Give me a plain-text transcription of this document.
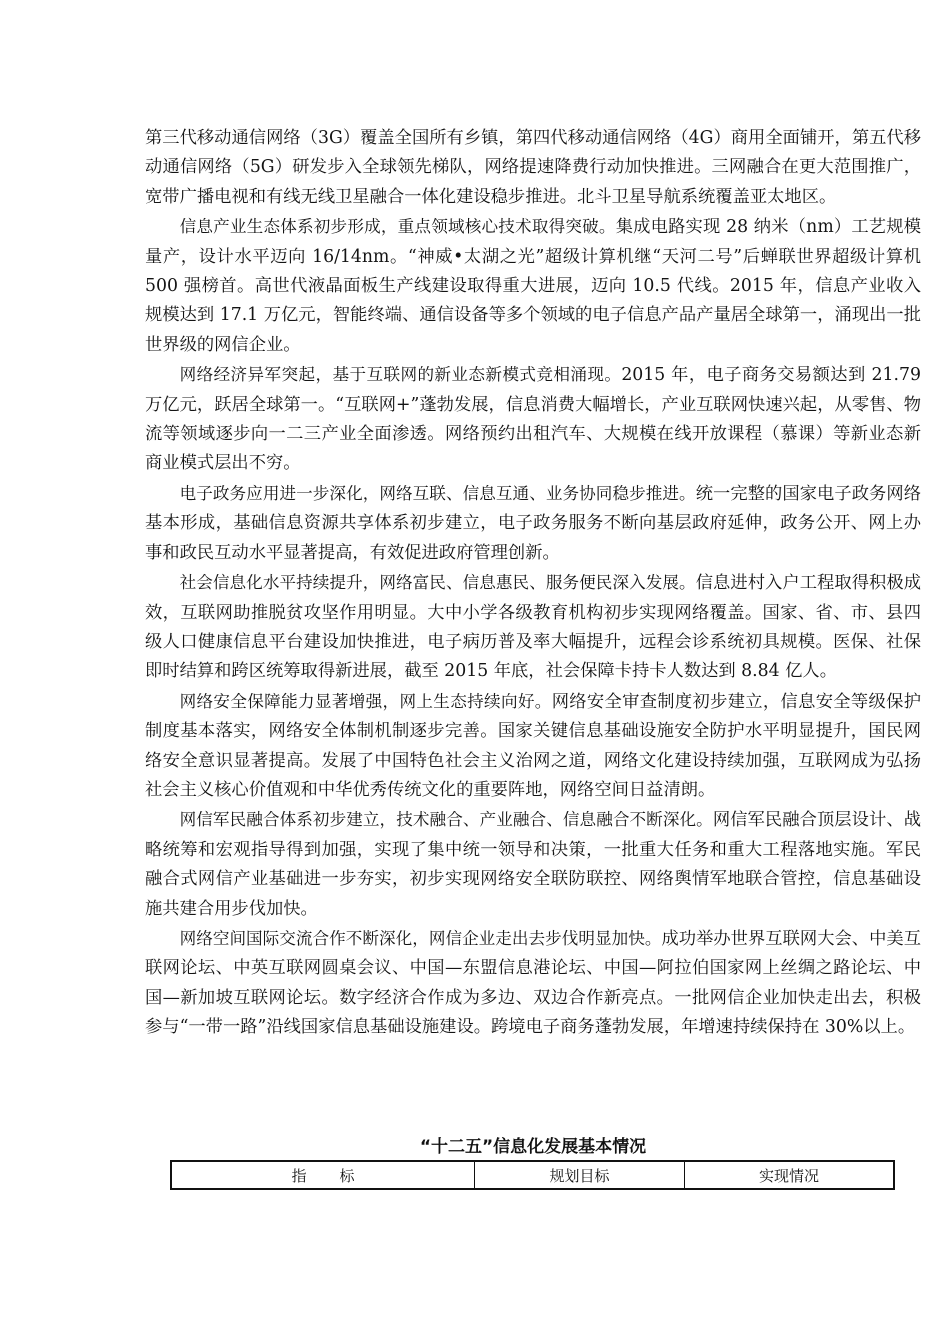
第三代移动通信网络（3G）覆盖全国所有乡镇，第四代移动通信网络（4G）商用全面铺开，第五代移动通信网络（5G）研发步入全球领先梯队，网络提速降费行动加快推进。三网融合在更大范围推广，宽带广播电视和有线无线卫星融合一体化建设稳步推进。北斗卫星导航系统覆盖亚太地区。

信息产业生态体系初步形成，重点领域核心技术取得突破。集成电路实现 28 纳米（nm）工艺规模量产，设计水平迈向 16/14nm。“神威•太湖之光”超级计算机继“天河二号”后蝉联世界超级计算机 500 强榜首。高世代液晶面板生产线建设取得重大进展，迈向 10.5 代线。2015 年，信息产业收入规模达到 17.1 万亿元，智能终端、通信设备等多个领域的电子信息产品产量居全球第一，涌现出一批世界级的网信企业。

网络经济异军突起，基于互联网的新业态新模式竞相涌现。2015 年，电子商务交易额达到 21.79 万亿元，跃居全球第一。“互联网+”蓬勃发展，信息消费大幅增长，产业互联网快速兴起，从零售、物流等领域逐步向一二三产业全面渗透。网络预约出租汽车、大规模在线开放课程（慕课）等新业态新商业模式层出不穷。

电子政务应用进一步深化，网络互联、信息互通、业务协同稳步推进。统一完整的国家电子政务网络基本形成，基础信息资源共享体系初步建立，电子政务服务不断向基层政府延伸，政务公开、网上办事和政民互动水平显著提高，有效促进政府管理创新。

社会信息化水平持续提升，网络富民、信息惠民、服务便民深入发展。信息进村入户工程取得积极成效，互联网助推脱贫攻坚作用明显。大中小学各级教育机构初步实现网络覆盖。国家、省、市、县四级人口健康信息平台建设加快推进，电子病历普及率大幅提升，远程会诊系统初具规模。医保、社保即时结算和跨区统筹取得新进展，截至 2015 年底，社会保障卡持卡人数达到 8.84 亿人。

网络安全保障能力显著增强，网上生态持续向好。网络安全审查制度初步建立，信息安全等级保护制度基本落实，网络安全体制机制逐步完善。国家关键信息基础设施安全防护水平明显提升，国民网络安全意识显著提高。发展了中国特色社会主义治网之道，网络文化建设持续加强，互联网成为弘扬社会主义核心价值观和中华优秀传统文化的重要阵地，网络空间日益清朗。

网信军民融合体系初步建立，技术融合、产业融合、信息融合不断深化。网信军民融合顶层设计、战略统筹和宏观指导得到加强，实现了集中统一领导和决策，一批重大任务和重大工程落地实施。军民融合式网信产业基础进一步夯实，初步实现网络安全联防联控、网络舆情军地联合管控，信息基础设施共建合用步伐加快。

网络空间国际交流合作不断深化，网信企业走出去步伐明显加快。成功举办世界互联网大会、中美互联网论坛、中英互联网圆桌会议、中国—东盟信息港论坛、中国—阿拉伯国家网上丝绸之路论坛、中国—新加坡互联网论坛。数字经济合作成为多边、双边合作新亮点。一批网信企业加快走出去，积极参与“一带一路”沿线国家信息基础设施建设。跨境电子商务蓬勃发展，年增速持续保持在 30%以上。

“十二五”信息化发展基本情况
指标	规划目标	实现情况
